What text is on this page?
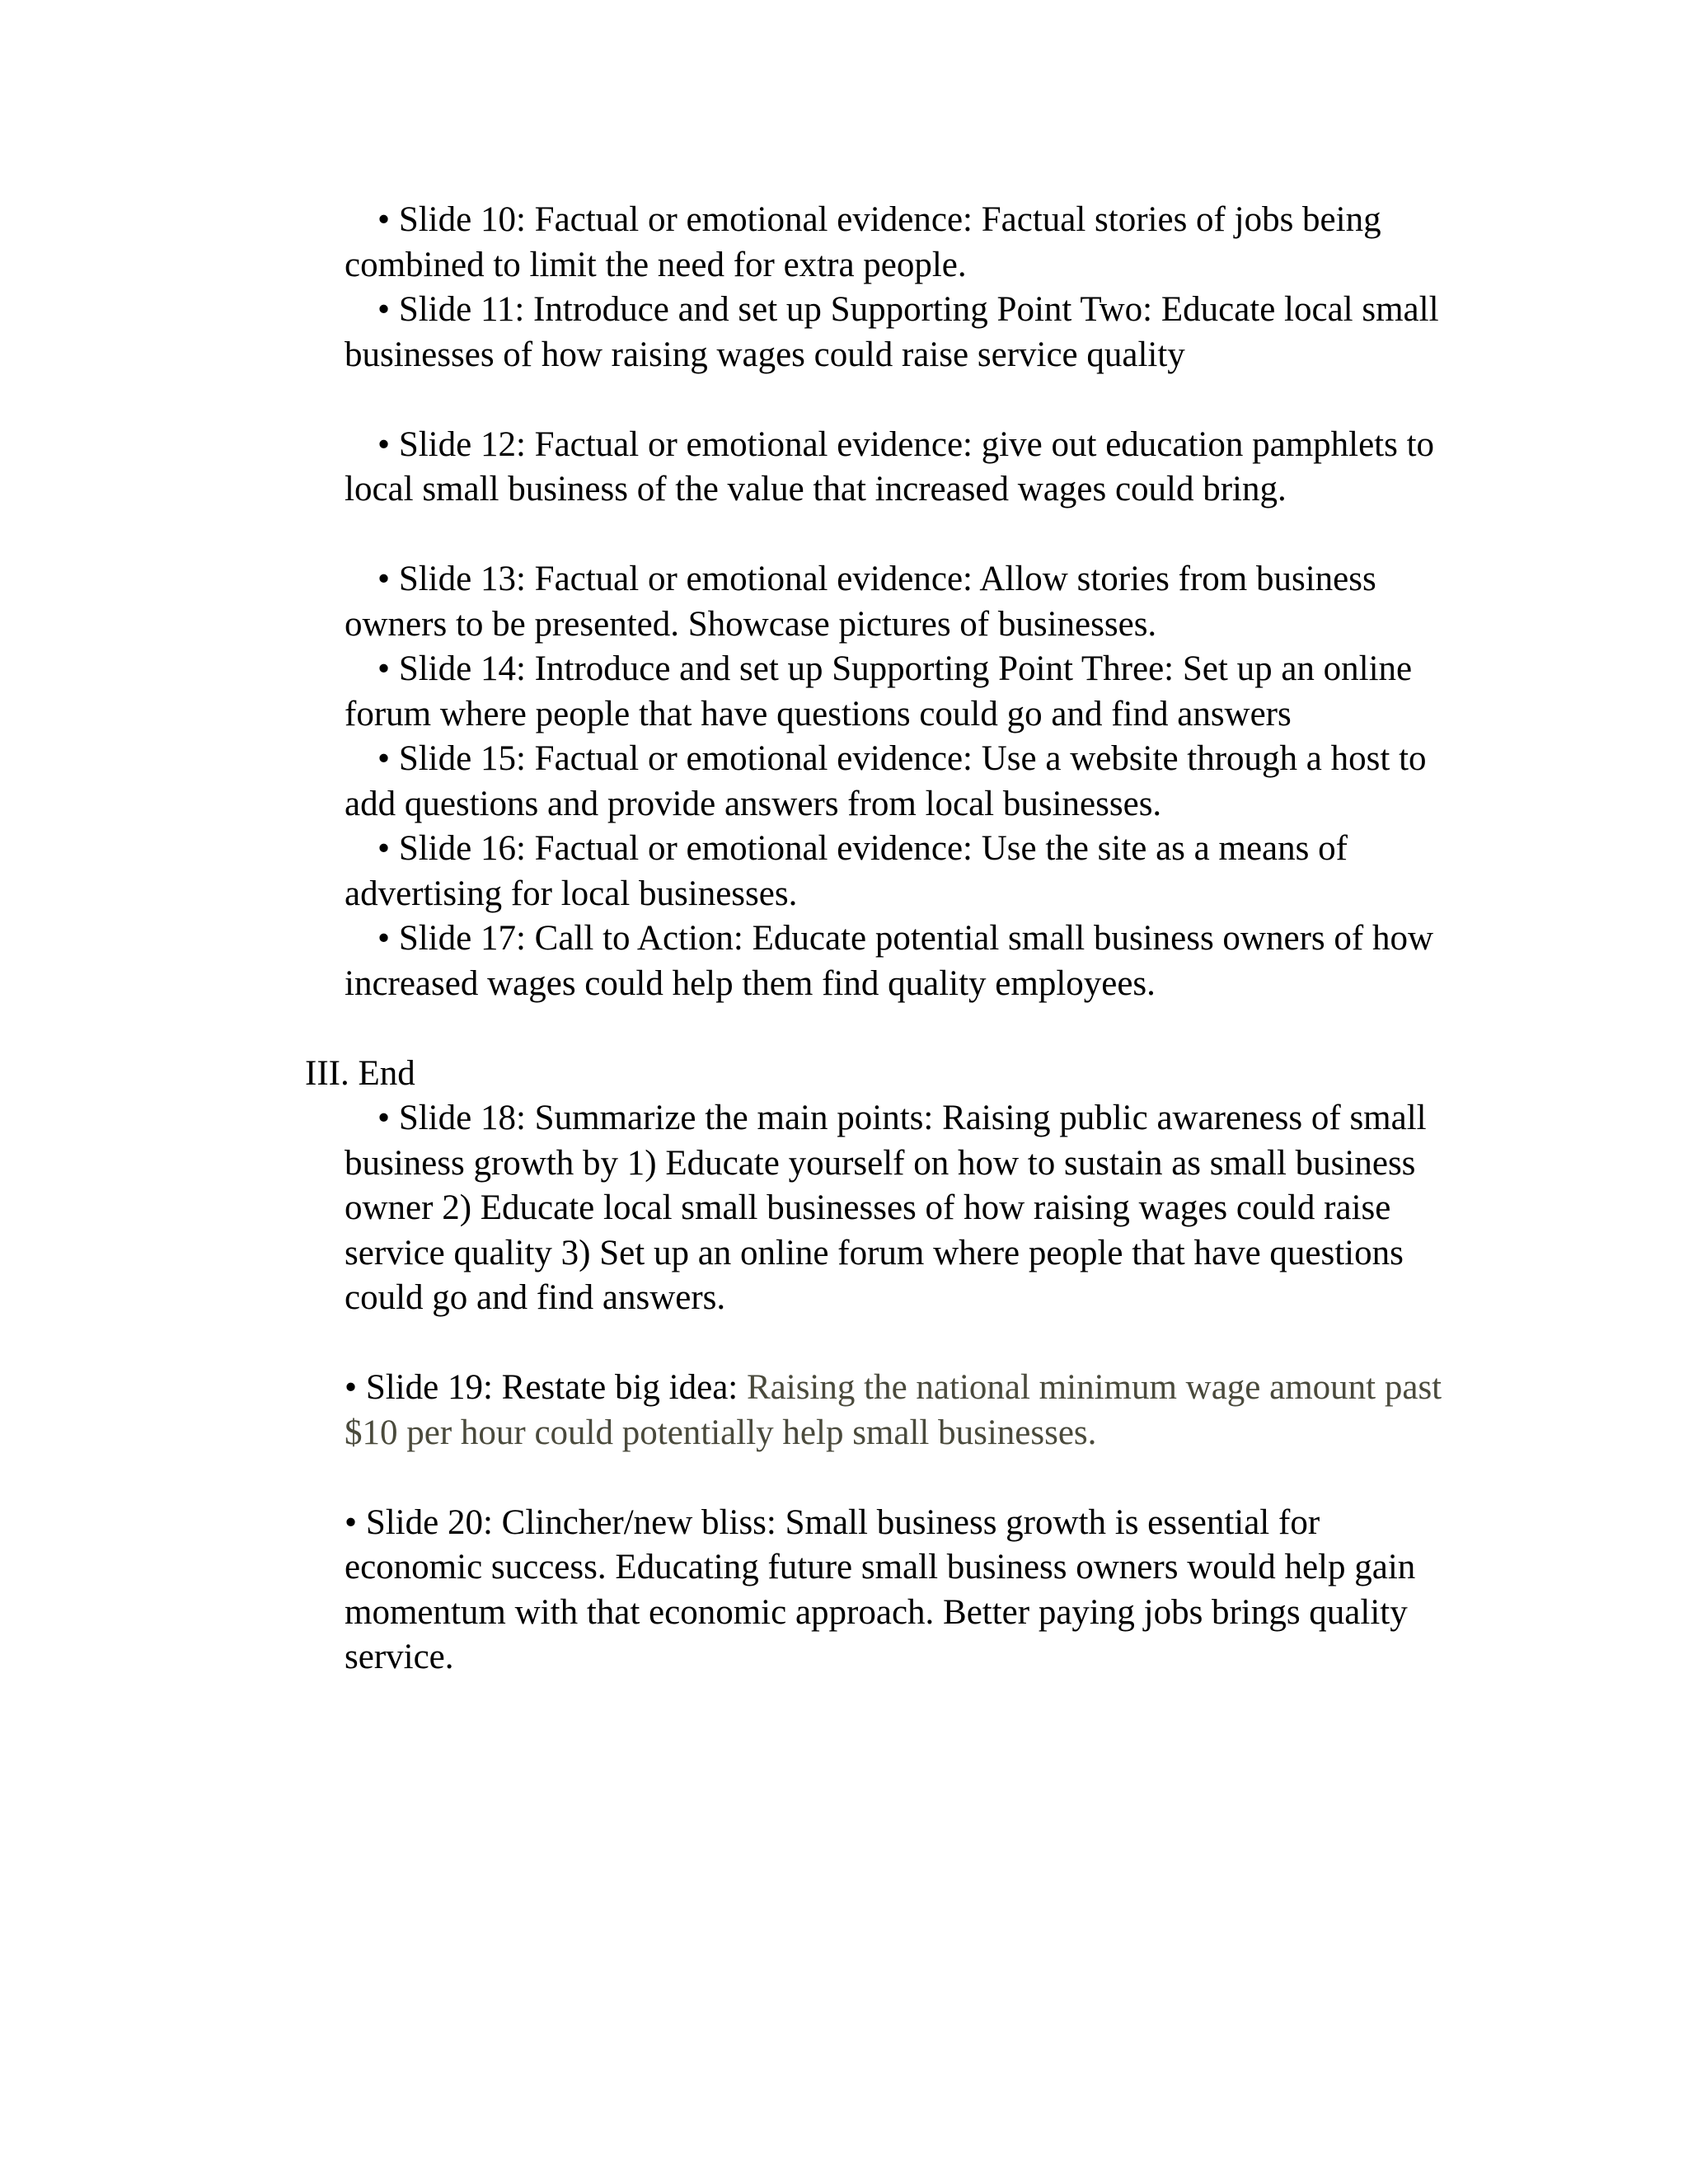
• Slide 10: Factual or emotional evidence: Factual stories of jobs being combined to limit the need for extra people.

• Slide 11: Introduce and set up Supporting Point Two: Educate local small businesses of how raising wages could raise service quality

• Slide 12: Factual or emotional evidence: give out education pamphlets to local small business of the value that increased wages could bring.

• Slide 13: Factual or emotional evidence: Allow stories from business owners to be presented. Showcase pictures of businesses.

• Slide 14: Introduce and set up Supporting Point Three: Set up an online forum where people that have questions could go and find answers

• Slide 15: Factual or emotional evidence: Use a website through a host to add questions and provide answers from local businesses.

• Slide 16: Factual or emotional evidence: Use the site as a means of advertising for local businesses.

• Slide 17: Call to Action: Educate potential small business owners of how increased wages could help them find quality employees.

III. End

• Slide 18: Summarize the main points: Raising public awareness of small business growth by 1) Educate yourself on how to sustain as small business owner 2) Educate local small businesses of how raising wages could raise service quality 3) Set up an online forum where people that have questions could go and find answers.

• Slide 19: Restate big idea: Raising the national minimum wage amount past $10 per hour could potentially help small businesses.

• Slide 20: Clincher/new bliss: Small business growth is essential for economic success. Educating future small business owners would help gain momentum with that economic approach. Better paying jobs brings quality service.
